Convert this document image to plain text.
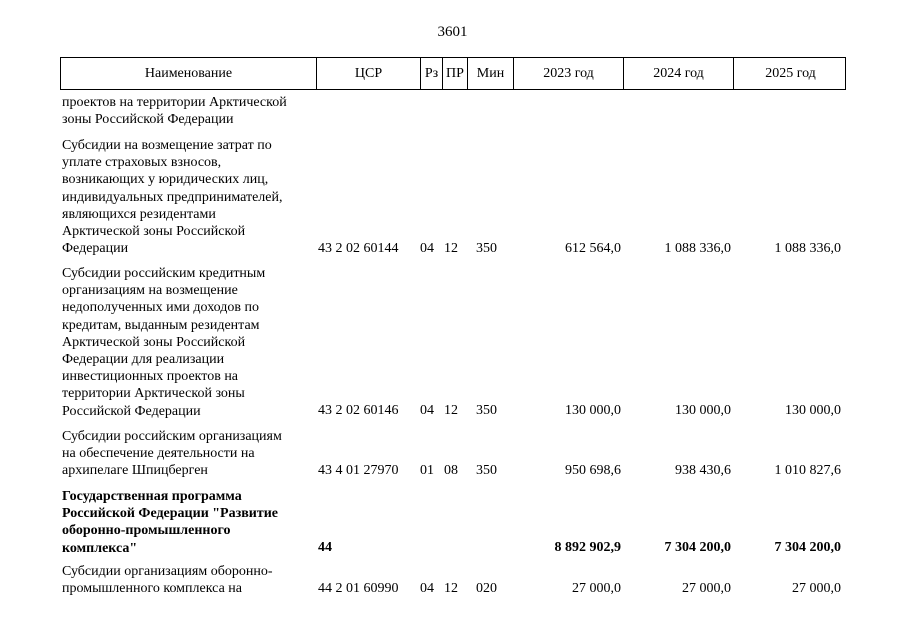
3601
Наименование	ЦСР	Рз ПР Мин	2023 год	2024 год	2025 год
проектов на территории Арктической
зоны Российской Федерации
Субсидии на возмещение затрат по
уплате страховых взносов,
возникающих у юридических лиц,
индивидуальных предпринимателей,
являющихся резидентами
Арктической зоны Российской
Федерации	43 2 02 60144 04 12 350	612 564,0	1 088 336,0	1 088 336,0
Субсидии российским кредитным
организациям на возмещение
недополученных ими доходов по
кредитам, выданным резидентам
Арктической зоны Российской
Федерации для реализации
инвестиционных проектов на
территории Арктической зоны
Российской Федерации	43 2 02 60146 04 12 350	130 000,0	130 000,0	130 000,0
Субсидии российским организациям
на обеспечение деятельности на
архипелаге Шпицберген	43 4 01 27970 01 08 350	950 698,6	938 430,6	1 010 827,6
Государственная программа
Российской Федерации "Развитие
оборонно-промышленного
комплекса"	44	8 892 902,9	7 304 200,0	7 304 200,0
Субсидии организациям оборонно-
промышленного комплекса на	44 2 01 60990 04 12 020	27 000,0	27 000,0	27 000,0
